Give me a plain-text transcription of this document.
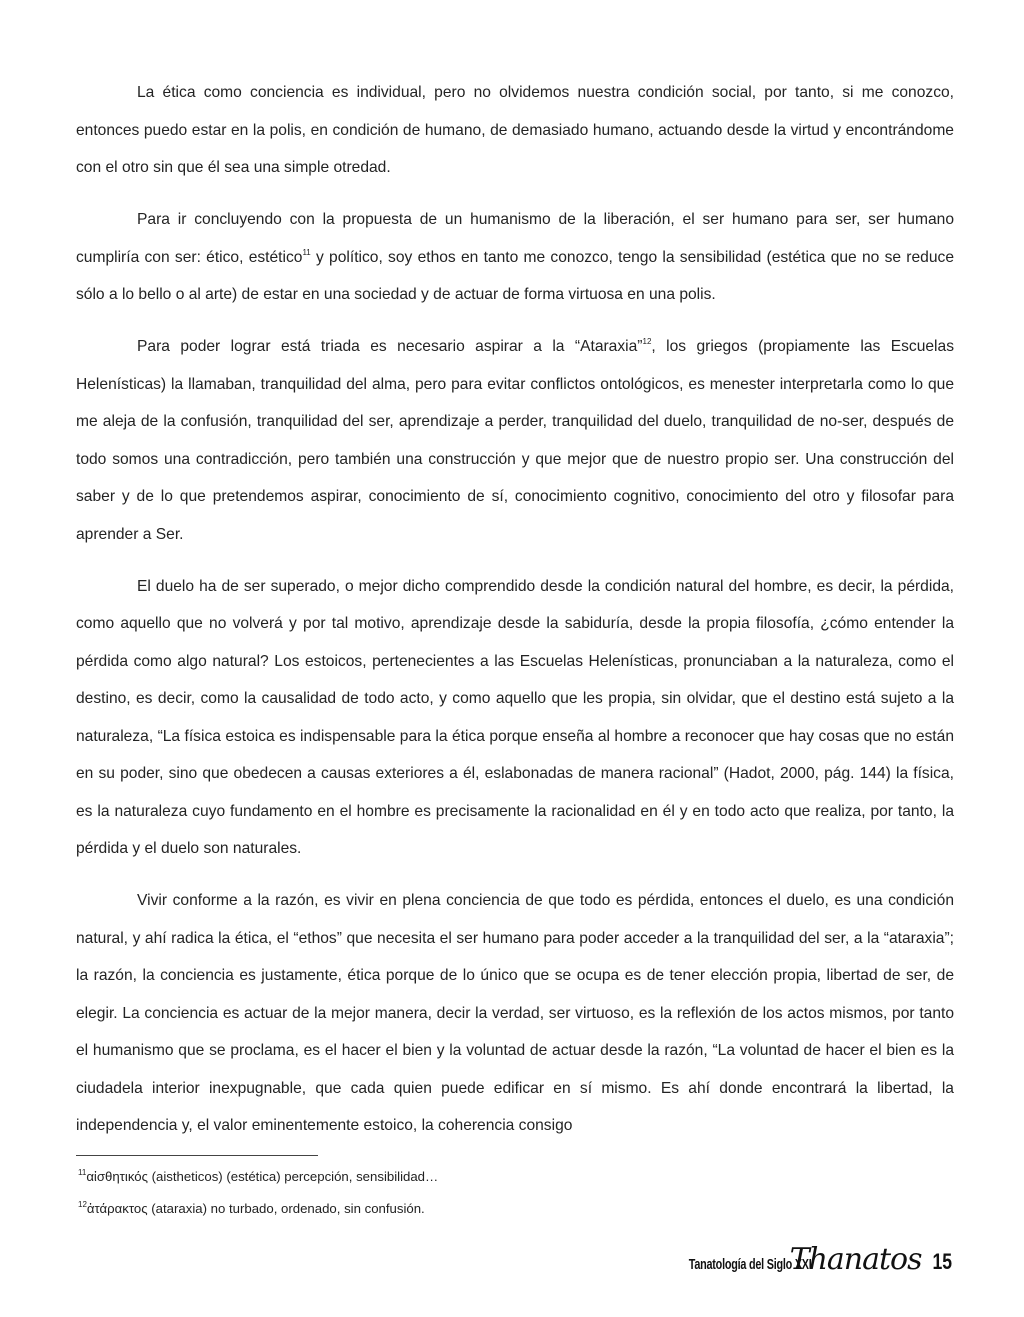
La ética como conciencia es individual, pero no olvidemos nuestra condición social, por tanto, si me conozco, entonces puedo estar en la polis, en condición de humano, de demasiado humano, actuando desde la virtud y encontrándome con el otro sin que él sea una simple otredad.

Para ir concluyendo con la propuesta de un humanismo de la liberación, el ser humano para ser, ser humano cumpliría con ser: ético, estético$^{11}$ y político, soy ethos en tanto me conozco, tengo la sensibilidad (estética que no se reduce sólo a lo bello o al arte) de estar en una sociedad y de actuar de forma virtuosa en una polis.

Para poder lograr está triada es necesario aspirar a la “Ataraxia”$^{12}$, los griegos (propiamente las Escuelas Helenísticas) la llamaban, tranquilidad del alma, pero para evitar conflictos ontológicos, es menester interpretarla como lo que me aleja de la confusión, tranquilidad del ser, aprendizaje a perder, tranquilidad del duelo, tranquilidad de no-ser, después de todo somos una contradicción, pero también una construcción y que mejor que de nuestro propio ser. Una construcción del saber y de lo que pretendemos aspirar, conocimiento de sí, conocimiento cognitivo, conocimiento del otro y filosofar para aprender a Ser.

El duelo ha de ser superado, o mejor dicho comprendido desde la condición natural del hombre, es decir, la pérdida, como aquello que no volverá y por tal motivo, aprendizaje desde la sabiduría, desde la propia filosofía, ¿cómo entender la pérdida como algo natural? Los estoicos, pertenecientes a las Escuelas Helenísticas, pronunciaban a la naturaleza, como el destino, es decir, como la causalidad de todo acto, y como aquello que les propia, sin olvidar, que el destino está sujeto a la naturaleza, “La física estoica es indispensable para la ética porque enseña al hombre a reconocer que hay cosas que no están en su poder, sino que obedecen a causas exteriores a él, eslabonadas de manera racional” (Hadot, 2000, pág. 144) la física, es la naturaleza cuyo fundamento en el hombre es precisamente la racionalidad en él y en todo acto que realiza, por tanto, la pérdida y el duelo son naturales.

Vivir conforme a la razón, es vivir en plena conciencia de que todo es pérdida, entonces el duelo, es una condición natural, y ahí radica la ética, el “ethos” que necesita el ser humano para poder acceder a la tranquilidad del ser, a la “ataraxia”; la razón, la conciencia es justamente, ética porque de lo único que se ocupa es de tener elección propia, libertad de ser, de elegir. La conciencia es actuar de la mejor manera, decir la verdad, ser virtuoso, es la reflexión de los actos mismos, por tanto el humanismo que se proclama, es el hacer el bien y la voluntad de actuar desde la razón, “La voluntad de hacer el bien es la ciudadela interior inexpugnable, que cada quien puede edificar en sí mismo. Es ahí donde encontrará la libertad, la independencia y, el valor eminentemente estoico, la coherencia consigo

$^{11}$αἰσθητικός (aistheticos) (estética) percepción, sensibilidad…
$^{12}$ἀτάρακτος (ataraxia) no turbado, ordenado, sin confusión.
Tanatología del Siglo XXI
Thanatos 15
